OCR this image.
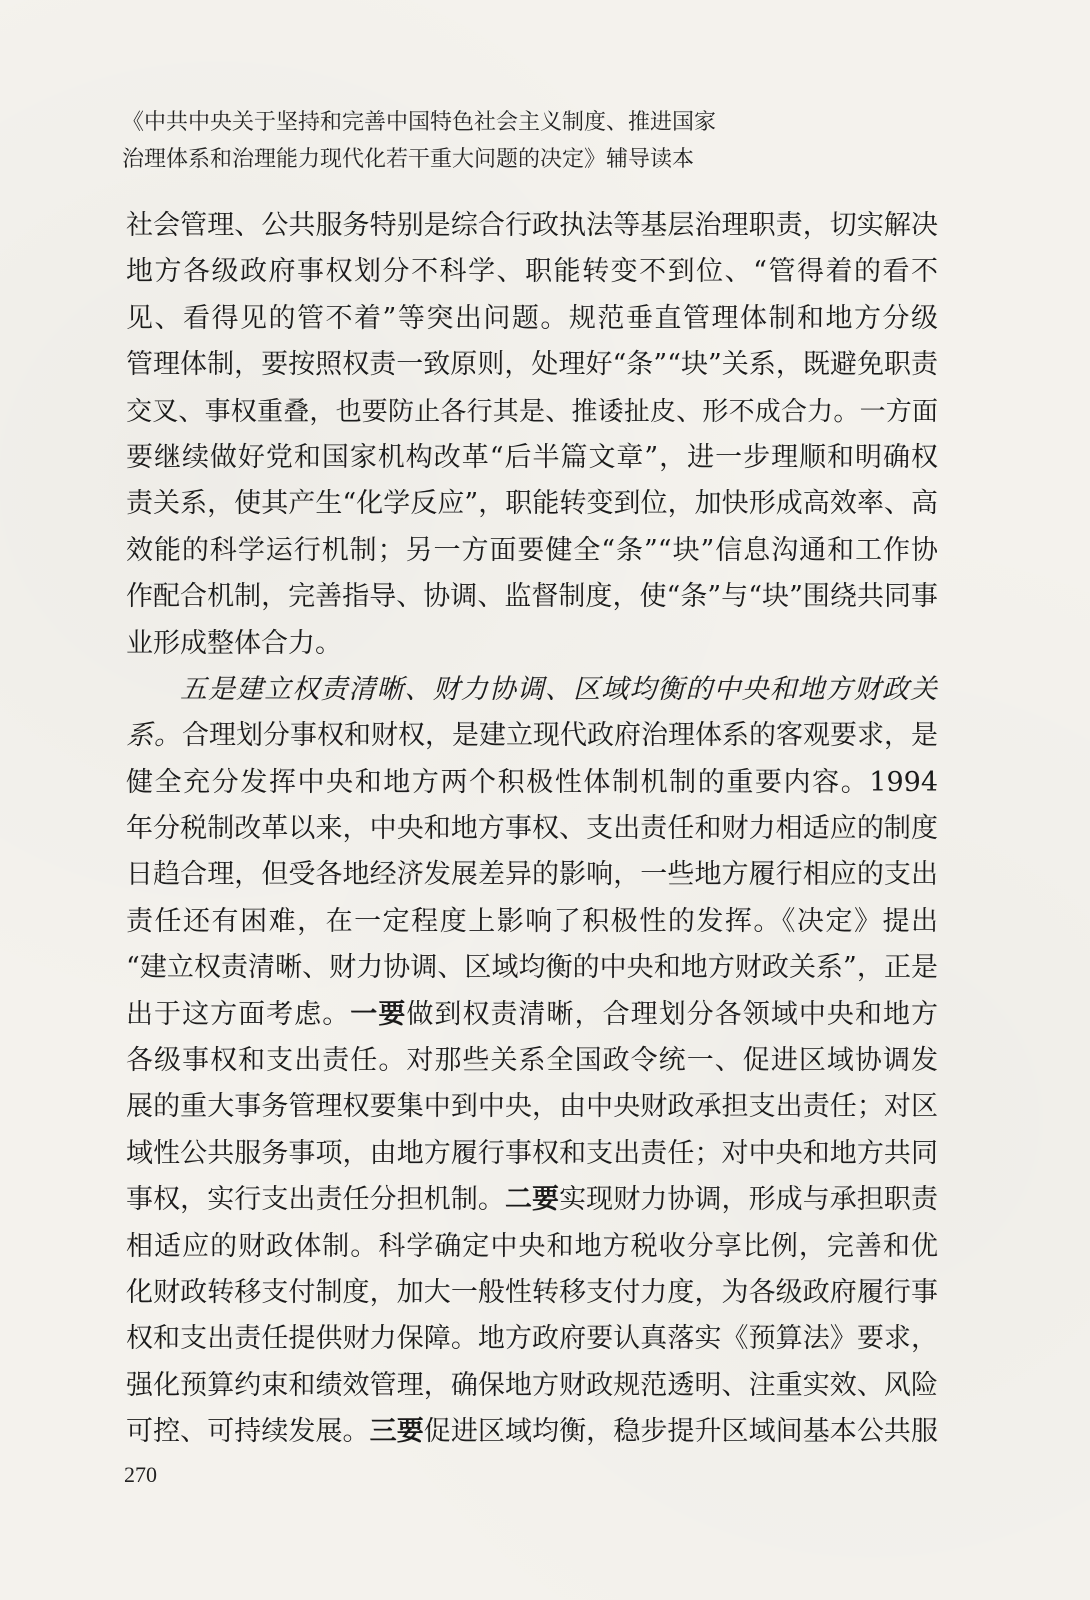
《中共中央关于坚持和完善中国特色社会主义制度、推进国家
治理体系和治理能力现代化若干重大问题的决定》辅导读本
社会管理、公共服务特别是综合行政执法等基层治理职责，切实解决
地方各级政府事权划分不科学、职能转变不到位、“管得着的看不
见、看得见的管不着”等突出问题。规范垂直管理体制和地方分级
管理体制，要按照权责一致原则，处理好“条”“块”关系，既避免职责
交叉、事权重叠，也要防止各行其是、推诿扯皮、形不成合力。一方面
要继续做好党和国家机构改革“后半篇文章”，进一步理顺和明确权
责关系，使其产生“化学反应”，职能转变到位，加快形成高效率、高
效能的科学运行机制；另一方面要健全“条”“块”信息沟通和工作协
作配合机制，完善指导、协调、监督制度，使“条”与“块”围绕共同事
业形成整体合力。
五是建立权责清晰、财力协调、区域均衡的中央和地方财政关
系。合理划分事权和财权，是建立现代政府治理体系的客观要求，是
健全充分发挥中央和地方两个积极性体制机制的重要内容。1994
年分税制改革以来，中央和地方事权、支出责任和财力相适应的制度
日趋合理，但受各地经济发展差异的影响，一些地方履行相应的支出
责任还有困难，在一定程度上影响了积极性的发挥。《决定》提出
“建立权责清晰、财力协调、区域均衡的中央和地方财政关系”，正是
出于这方面考虑。一要做到权责清晰，合理划分各领域中央和地方
各级事权和支出责任。对那些关系全国政令统一、促进区域协调发
展的重大事务管理权要集中到中央，由中央财政承担支出责任；对区
域性公共服务事项，由地方履行事权和支出责任；对中央和地方共同
事权，实行支出责任分担机制。二要实现财力协调，形成与承担职责
相适应的财政体制。科学确定中央和地方税收分享比例，完善和优
化财政转移支付制度，加大一般性转移支付力度，为各级政府履行事
权和支出责任提供财力保障。地方政府要认真落实《预算法》要求，
强化预算约束和绩效管理，确保地方财政规范透明、注重实效、风险
可控、可持续发展。三要促进区域均衡，稳步提升区域间基本公共服
270
